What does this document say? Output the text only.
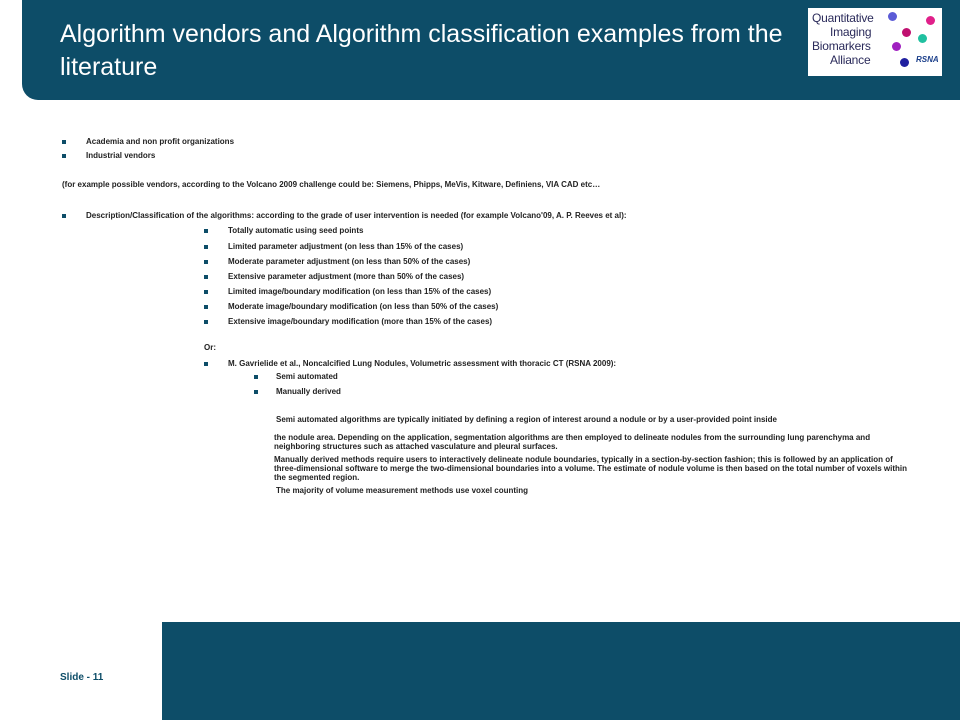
Algorithm vendors and Algorithm classification examples from the literature
Quantitative
Imaging
Biomarkers
Alliance	RSNA
Academia and non profit organizations
Industrial vendors
(for example possible vendors, according to the Volcano 2009 challenge could be: Siemens, Phipps, MeVis, Kitware, Definiens, VIA CAD etc…
Description/Classification of the algorithms: according to the grade of user intervention is needed (for example Volcano'09, A. P. Reeves et al):
Totally automatic using seed points
Limited parameter adjustment (on less than 15% of the cases)
Moderate parameter adjustment (on less than 50% of the cases)
Extensive parameter adjustment (more than 50% of the cases)
Limited image/boundary modification (on less than 15% of the cases)
Moderate image/boundary modification (on less than 50% of the cases)
Extensive image/boundary modification (more than 15% of the cases)
Or:
M. Gavrielide et al., Noncalcified Lung Nodules, Volumetric assessment with thoracic CT (RSNA 2009):
Semi automated
Manually derived
Semi automated algorithms are typically initiated by defining a region of interest around a nodule or by a user-provided point inside
the nodule area. Depending on the application, segmentation algorithms are then employed to delineate nodules from the surrounding lung parenchyma and neighboring structures such as attached vasculature and pleural surfaces.
Manually derived methods require users to interactively delineate nodule boundaries, typically in a section-by-section fashion; this is followed by an application of three-dimensional software to merge the two-dimensional boundaries into a volume. The estimate of nodule volume is then based on the total number of voxels within the segmented region.
The majority of volume measurement methods use voxel counting
Slide - 11
